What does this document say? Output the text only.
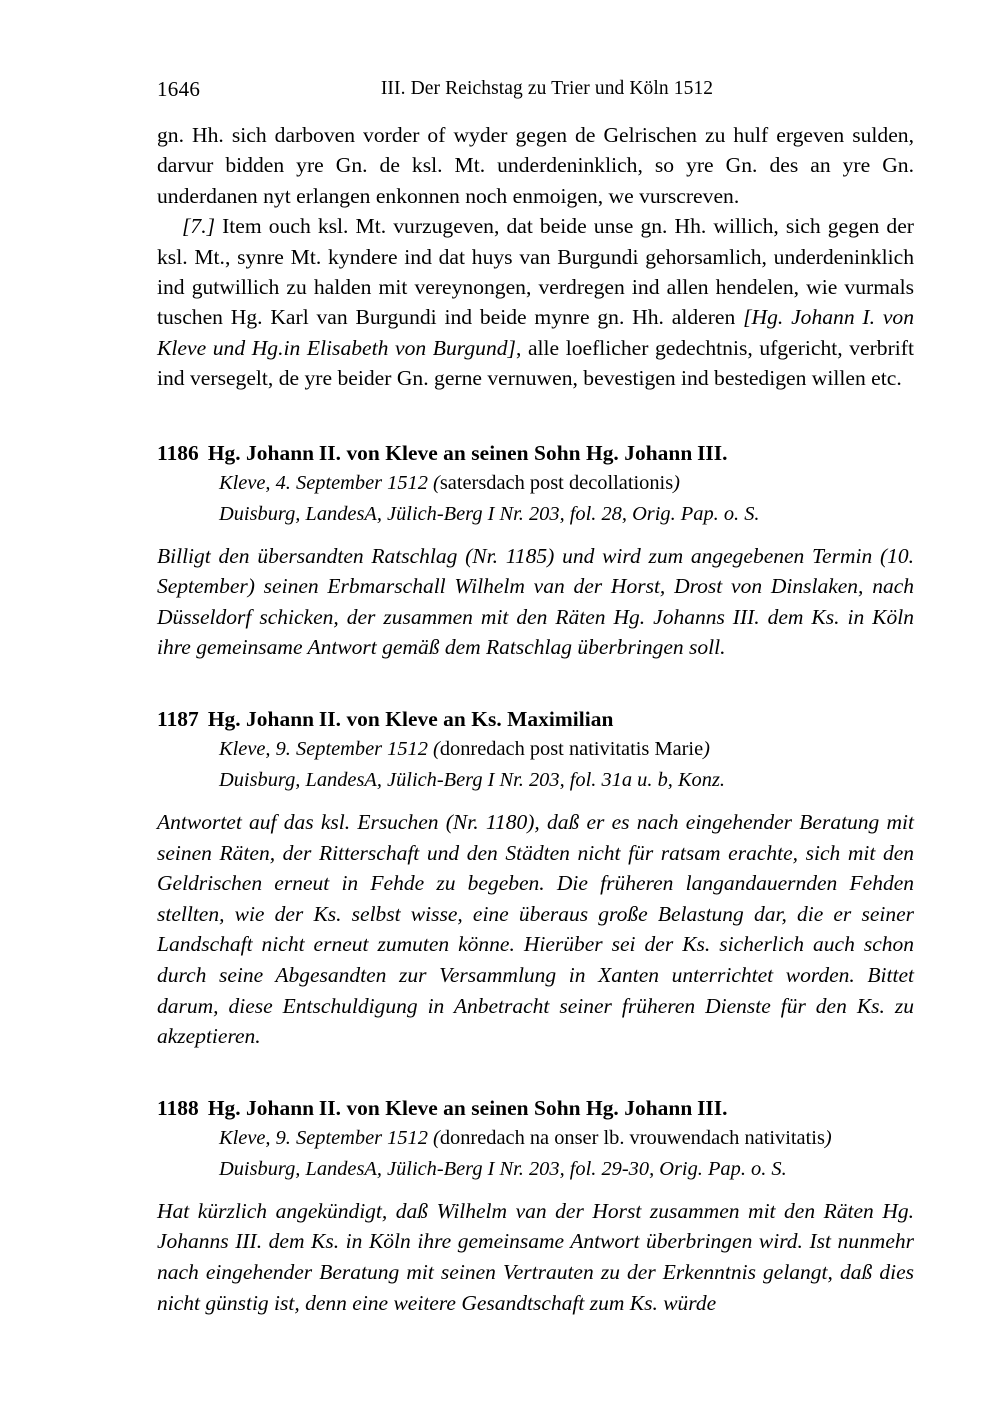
1646	III. Der Reichstag zu Trier und Köln 1512

gn. Hh. sich darboven vorder of wyder gegen de Gelrischen zu hulf ergeven sulden, darvur bidden yre Gn. de ksl. Mt. underdeninklich, so yre Gn. des an yre Gn. underdanen nyt erlangen enkonnen noch enmoigen, we vurscreven.

[7.] Item ouch ksl. Mt. vurzugeven, dat beide unse gn. Hh. willich, sich gegen der ksl. Mt., synre Mt. kyndere ind dat huys van Burgundi gehorsamlich, underdeninklich ind gutwillich zu halden mit vereynongen, verdregen ind allen hendelen, wie vurmals tuschen Hg. Karl van Burgundi ind beide mynre gn. Hh. alderen [Hg. Johann I. von Kleve und Hg.in Elisabeth von Burgund], alle loeflicher gedechtnis, ufgericht, verbrift ind versegelt, de yre beider Gn. gerne vernuwen, bevestigen ind bestedigen willen etc.

1186 Hg. Johann II. von Kleve an seinen Sohn Hg. Johann III.
Kleve, 4. September 1512 (satersdach post decollationis)
Duisburg, LandesA, Jülich-Berg I Nr. 203, fol. 28, Orig. Pap. o. S.

Billigt den übersandten Ratschlag (Nr. 1185) und wird zum angegebenen Termin (10. September) seinen Erbmarschall Wilhelm van der Horst, Drost von Dinslaken, nach Düsseldorf schicken, der zusammen mit den Räten Hg. Johanns III. dem Ks. in Köln ihre gemeinsame Antwort gemäß dem Ratschlag überbringen soll.

1187 Hg. Johann II. von Kleve an Ks. Maximilian
Kleve, 9. September 1512 (donredach post nativitatis Marie)
Duisburg, LandesA, Jülich-Berg I Nr. 203, fol. 31a u. b, Konz.

Antwortet auf das ksl. Ersuchen (Nr. 1180), daß er es nach eingehender Beratung mit seinen Räten, der Ritterschaft und den Städten nicht für ratsam erachte, sich mit den Geldrischen erneut in Fehde zu begeben. Die früheren langandauernden Fehden stellten, wie der Ks. selbst wisse, eine überaus große Belastung dar, die er seiner Landschaft nicht erneut zumuten könne. Hierüber sei der Ks. sicherlich auch schon durch seine Abgesandten zur Versammlung in Xanten unterrichtet worden. Bittet darum, diese Entschuldigung in Anbetracht seiner früheren Dienste für den Ks. zu akzeptieren.

1188 Hg. Johann II. von Kleve an seinen Sohn Hg. Johann III.
Kleve, 9. September 1512 (donredach na onser lb. vrouwendach nativitatis)
Duisburg, LandesA, Jülich-Berg I Nr. 203, fol. 29-30, Orig. Pap. o. S.

Hat kürzlich angekündigt, daß Wilhelm van der Horst zusammen mit den Räten Hg. Johanns III. dem Ks. in Köln ihre gemeinsame Antwort überbringen wird. Ist nunmehr nach eingehender Beratung mit seinen Vertrauten zu der Erkenntnis gelangt, daß dies nicht günstig ist, denn eine weitere Gesandtschaft zum Ks. würde
